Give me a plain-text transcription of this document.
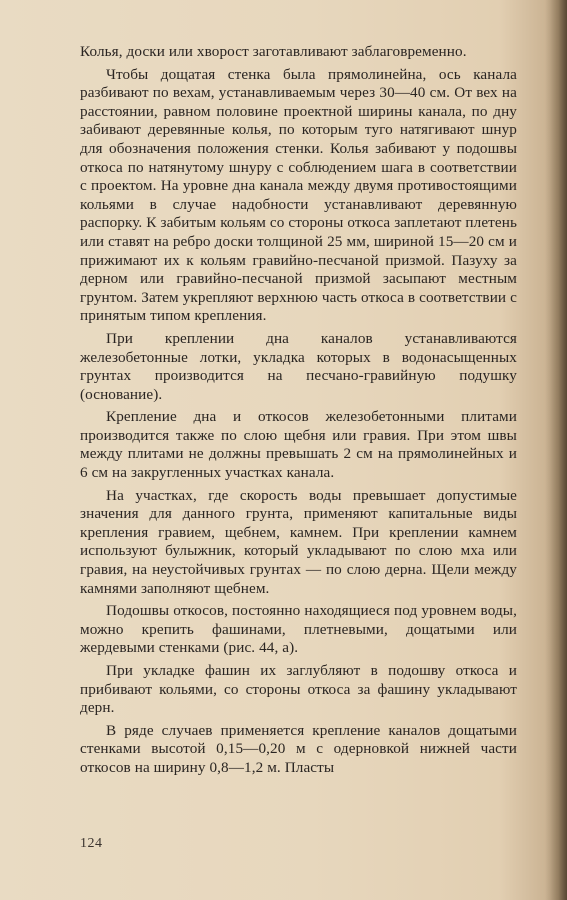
Колья, доски или хворост заготавливают заблаговременно.

Чтобы дощатая стенка была прямолинейна, ось канала разбивают по вехам, устанавливаемым через 30—40 см. От вех на расстоянии, равном половине проектной ширины канала, по дну забивают деревянные колья, по которым туго натягивают шнур для обозначения положения стенки. Колья забивают у подошвы откоса по натянутому шнуру с соблюдением шага в соответствии с проектом. На уровне дна канала между двумя противостоящими кольями в случае надобности устанавливают деревянную распорку. К забитым кольям со стороны откоса заплетают плетень или ставят на ребро доски толщиной 25 мм, шириной 15—20 см и прижимают их к кольям гравийно-песчаной призмой. Пазуху за дерном или гравийно-песчаной призмой засыпают местным грунтом. Затем укрепляют верхнюю часть откоса в соответствии с принятым типом крепления.

При креплении дна каналов устанавливаются железобетонные лотки, укладка которых в водонасыщенных грунтах производится на песчано-гравийную подушку (основание).

Крепление дна и откосов железобетонными плитами производится также по слою щебня или гравия. При этом швы между плитами не должны превышать 2 см на прямолинейных и 6 см на закругленных участках канала.

На участках, где скорость воды превышает допустимые значения для данного грунта, применяют капитальные виды крепления гравием, щебнем, камнем. При креплении камнем используют булыжник, который укладывают по слою мха или гравия, на неустойчивых грунтах — по слою дерна. Щели между камнями заполняют щебнем.

Подошвы откосов, постоянно находящиеся под уровнем воды, можно крепить фашинами, плетневыми, дощатыми или жердевыми стенками (рис. 44, а).

При укладке фашин их заглубляют в подошву откоса и прибивают кольями, со стороны откоса за фашину укладывают дерн.

В ряде случаев применяется крепление каналов дощатыми стенками высотой 0,15—0,20 м с одерновкой нижней части откосов на ширину 0,8—1,2 м. Пласты

124
